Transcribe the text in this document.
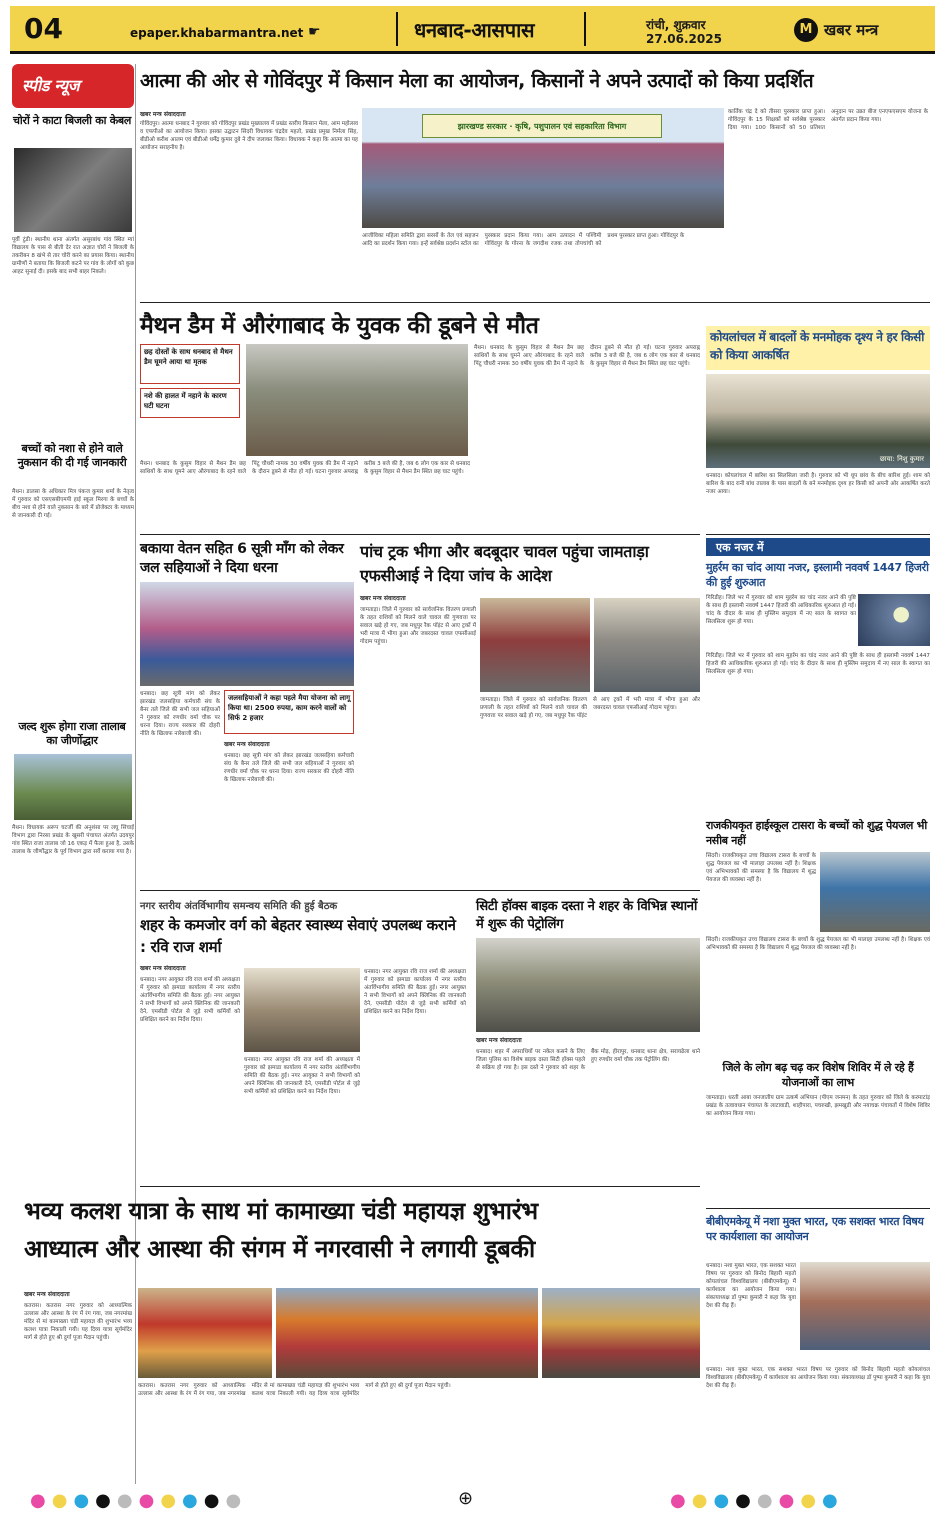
04	epaper.khabarmantra.net ☛	धनबाद-आसपास	रांची, शुक्रवार
27.06.2025
M खबर मन्त्र
स्पीड न्यूज
चोरों ने काटा बिजली का केबल
पूर्वी टुंडी। स्थानीय थाना अंतर्गत असुरबांध गांव स्थित म्यां विद्यालय के पास से बीती देर रात अज्ञात चोरों ने बिजली के तकरीबन 8 खंभे से तार चोरी करने का प्रयास किया। स्थानीय ग्रामीणों ने बताया कि बिजली कटने पर गांव के लोगों को कुछ आहट सुनाई दी। इसके बाद सभी बाहर निकले।
बच्चों को नशा से होने वाले नुकसान की दी गई जानकारी
मैथन। डालसा के अधिकार मित्र पंकज कुमार शर्मा के नेतृत्व में गुरुवार को एसएसबीएमपी हाई स्कूल मिरगा के बच्चों के बीच नशा से होने वाले नुकसान के बारे में प्रोजेक्टर के माध्यम से जानकारी दी गई।
जल्द शुरू होगा राजा तालाब का जीर्णोद्धार
मैथन। विधायक अरूप चटर्जी की अनुशंसा पर लघु सिंचाई विभाग द्वारा निरसा प्रखंड के खुसरी पंचायत अंतर्गत उदयपुर गांव स्थित राजा तालाब जो 16 एकड़ में फैला हुआ है, उसके तालाब के जीर्णोद्धार के पूर्व विभाग द्वारा सर्वे कराया गया है।
आत्मा की ओर से गोविंदपुर में किसान मेला का आयोजन, किसानों ने अपने उत्पादों को किया प्रदर्शित
खबर मन्त्र संवाददाता
गोविंदपुर। आत्मा धनबाद ने गुरुवार को गोविंदपुर प्रखंड मुख्यालय में प्रखंड स्तरीय किसान मेला, आम महोत्सव व एफपीओ का आयोजन किया। इसका उद्घाटन सिंदरी विधायक चंद्रदेव महतो, प्रखंड प्रमुख निर्मला सिंह, बीडीओ करीश आलम एवं बीडीओ धर्मेंद्र कुमार दुबे ने दीप जलाकर किया। विधायक ने कहा कि आत्मा का यह आयोजन सराहनीय है।
झारखण्ड सरकार · कृषि, पशुपालन एवं सहकारिता विभाग
आजीविका महिला समिति द्वारा सरसों के तेल एवं सहजन आदि का प्रदर्शन किया गया। इन्हें सर्वश्रेष्ठ प्रदर्शन स्टॉल का पुरस्कार प्रदान किया गया। आम उत्पादन में पश्चिमी गोविंदपुर के गोरना के जगदीश रजक तथा तोपचांची को प्रथम पुरस्कार प्राप्त हुआ। गोविंदपुर के
कार्तिक चंद्र दे को तीसरा पुरस्कार प्राप्त हुआ। गोविंदपुर के 15 शिक्षकों को सर्वश्रेष्ठ पुरस्कार दिया गया। 100 किसानों को 50 प्रतिशत अनुदान पर उन्नत बीज एनएफएसएम योजना के अंतर्गत प्रदान किया गया।
मैथन डैम में औरंगाबाद के युवक की डूबने से मौत
छह दोस्तों के साथ धनबाद से मैथन डैम घूमने आया था मृतक
नशे की हालत में नहाने के कारण घटी घटना
मैथन। धनबाद के कुसुम विहार से मैथन डैम छह साथियों के साथ घूमने आए औरंगाबाद के रहने वाले पिंटू चौधरी नामक 30 वर्षीय युवक की डैम में नहाने के दौरान डूबने से मौत हो गई। घटना गुरुवार अपराह्न करीब 3 बजे की है, जब 6 लोग एक कार से धनबाद के कुसुम विहार से मैथन डैम स्थित छह घाट पहुंचे।
मैथन। धनबाद के कुसुम विहार से मैथन डैम छह साथियों के साथ घूमने आए औरंगाबाद के रहने वाले पिंटू चौधरी नामक 30 वर्षीय युवक की डैम में नहाने के दौरान डूबने से मौत हो गई। घटना गुरुवार अपराह्न करीब 3 बजे की है, जब 6 लोग एक कार से धनबाद के कुसुम विहार से मैथन डैम स्थित छह घाट पहुंचे।
कोयलांचल में बादलों के मनमोहक दृश्य ने हर किसी को किया आकर्षित
छाया: निशु कुमार
धनबाद। कोयलांचल में बारिश का सिलसिला जारी है। गुरुवार को भी धूप छांव के बीच बारिश हुई। शाम को बारिश के बाद रानी बांध तालाब के पास बादलों के बने मनमोहक दृश्य हर किसी को अपनी ओर आकर्षित करते नजर आया।
बकाया वेतन सहित 6 सूत्री माँग को लेकर जल सहियाओं ने दिया धरना
धनबाद। छह सूत्री मांग को लेकर झारखंड जलसहिया कर्मचारी संघ के बैनर तले जिले की सभी जल सहियाओं ने गुरुवार को रणधीर वर्मा चौक पर धरना दिया। राज्य सरकार की दोहरी नीति के खिलाफ नारेबाजी की।
जलसहियाओं ने कहा पहले मैया योजना को लागू किया था। 2500 रुपया, काम करने वालों को सिर्फ 2 हजार
खबर मन्त्र संवाददाता
धनबाद। छह सूत्री मांग को लेकर झारखंड जलसहिया कर्मचारी संघ के बैनर तले जिले की सभी जल सहियाओं ने गुरुवार को रणधीर वर्मा चौक पर धरना दिया। राज्य सरकार की दोहरी नीति के खिलाफ नारेबाजी की।
पांच ट्रक भीगा और बदबूदार चावल पहुंचा जामताड़ा एफसीआई ने दिया जांच के आदेश
खबर मन्त्र संवाददाता
जामताड़ा। जिले में गुरुवार को सार्वजनिक वितरण प्रणाली के तहत राशियों को मिलने वाले चावल की गुणवत्ता पर सवाल खड़े हो गए, जब मधुपुर रैक पॉइंट से आए ट्रकों में भरी मात्रा में भीगा हुआ और जबरदस्त चावल एफसीआई गोदाम पहुंचा।
जामताड़ा। जिले में गुरुवार को सार्वजनिक वितरण प्रणाली के तहत राशियों को मिलने वाले चावल की गुणवत्ता पर सवाल खड़े हो गए, जब मधुपुर रैक पॉइंट से आए ट्रकों में भरी मात्रा में भीगा हुआ और जबरदस्त चावल एफसीआई गोदाम पहुंचा।
एक नजर में
मुहर्रम का चांद आया नजर, इस्लामी नववर्ष 1447 हिजरी की हुई शुरुआत
गिरिडीह। जिले भर में गुरुवार को शाम मुहर्रम का चांद नजर आने की पुष्टि के साथ ही इस्लामी नववर्ष 1447 हिजरी की आधिकारिक शुरुआत हो गई। चांद के दीदार के साथ ही मुस्लिम समुदाय में नए साल के स्वागत का सिलसिला शुरू हो गया।
गिरिडीह। जिले भर में गुरुवार को शाम मुहर्रम का चांद नजर आने की पुष्टि के साथ ही इस्लामी नववर्ष 1447 हिजरी की आधिकारिक शुरुआत हो गई। चांद के दीदार के साथ ही मुस्लिम समुदाय में नए साल के स्वागत का सिलसिला शुरू हो गया।
राजकीयकृत हाईस्कूल टासरा के बच्चों को शुद्ध पेयजल भी नसीब नहीं
सिंदरी। राजकीयकृत उच्च विद्यालय टासरा के बच्चों के शुद्ध पेयजल का भी मालाहा उपलब्ध नहीं है। शिक्षक एवं अभिभावकों की समस्या है कि विद्यालय में शुद्ध पेयजल की व्यवस्था नहीं है।
सिंदरी। राजकीयकृत उच्च विद्यालय टासरा के बच्चों के शुद्ध पेयजल का भी मालाहा उपलब्ध नहीं है। शिक्षक एवं अभिभावकों की समस्या है कि विद्यालय में शुद्ध पेयजल की व्यवस्था नहीं है।
जिले के लोग बढ़ चढ़ कर विशेष शिविर में ले रहे हैं योजनाओं का लाभ
जामताड़ा। धरती आबा जनजातीय ग्राम उत्कर्ष अभियान (पीएम जनमन) के तहत गुरुवार को जिले के करमाटांड़ प्रखंड के तत्वावधान पंचायत के लाटावाडी, शाहीपारा, पचरुखी, झमखुडी और नयाचक्र पंचायतों में विशेष शिविर का आयोजन किया गया।
नगर स्तरीय अंतर्विभागीय समन्वय समिति की हुई बैठक
शहर के कमजोर वर्ग को बेहतर स्वास्थ्य सेवाएं उपलब्ध कराने : रवि राज शर्मा
खबर मन्त्र संवाददाता
धनबाद। नगर आयुक्त रवि राज शर्मा की अध्यक्षता में गुरुवार को झमाडा कार्यालय में नगर स्तरीय अंतर्विभागीय समिति की बैठक हुई। नगर आयुक्त ने सभी विभागों को अपने क्लिनिक की जानकारी देने, एमसीडी पोर्टल से जुड़े सभी कर्मियों को प्रशिक्षित करने का निर्देश दिया।
धनबाद। नगर आयुक्त रवि राज शर्मा की अध्यक्षता में गुरुवार को झमाडा कार्यालय में नगर स्तरीय अंतर्विभागीय समिति की बैठक हुई। नगर आयुक्त ने सभी विभागों को अपने क्लिनिक की जानकारी देने, एमसीडी पोर्टल से जुड़े सभी कर्मियों को प्रशिक्षित करने का निर्देश दिया।
धनबाद। नगर आयुक्त रवि राज शर्मा की अध्यक्षता में गुरुवार को झमाडा कार्यालय में नगर स्तरीय अंतर्विभागीय समिति की बैठक हुई। नगर आयुक्त ने सभी विभागों को अपने क्लिनिक की जानकारी देने, एमसीडी पोर्टल से जुड़े सभी कर्मियों को प्रशिक्षित करने का निर्देश दिया।
सिटी हॉक्स बाइक दस्ता ने शहर के विभिन्न स्थानों में शुरू की पेट्रोलिंग
खबर मन्त्र संवाददाता
धनबाद। शहर में अपराधियों पर नकेल कसने के लिए जिला पुलिस का विशेष बाइक दस्ता सिटी हॉक्स पहले से सक्रिय हो गया है। इस दस्ते ने गुरुवार को शहर के बैंक मोड़, हीरापुर, धनबाद थाना क्षेत्र, सरायढेला थाने हुए रणधीर वर्मा चौक तक पेट्रोलिंग की।
भव्य कलश यात्रा के साथ मां कामाख्या चंडी महायज्ञ शुभारंभ
आध्यात्म और आस्था की संगम में नगरवासी ने लगायी डूबकी
खबर मन्त्र संवाददाता
कतरास। कतरास नगर गुरुवार को आध्यात्मिक उल्लास और आस्था के रंग में रंग गया, जब नगरमांख मंदिर से मां कामाख्या चंडी महायज्ञ की शुभारंभ भव्य कलश यात्रा निकाली गयी। यह दिव्य यात्रा सूर्यमंदिर मार्ग से होते हुए श्री दुर्गा पूजा मैदान पहुंची।
कतरास। कतरास नगर गुरुवार को आध्यात्मिक उल्लास और आस्था के रंग में रंग गया, जब नगरमांख मंदिर से मां कामाख्या चंडी महायज्ञ की शुभारंभ भव्य कलश यात्रा निकाली गयी। यह दिव्य यात्रा सूर्यमंदिर मार्ग से होते हुए श्री दुर्गा पूजा मैदान पहुंची।
बीबीएमकेयू में नशा मुक्त भारत, एक सशक्त भारत विषय पर कार्यशाला का आयोजन
धनबाद। नशा मुक्त भारत, एक सशक्त भारत विषय पर गुरुवार को बिनोद बिहारी महतो कोयलांचल विश्वविद्यालय (बीबीएमकेयू) में कार्यशाला का आयोजन किया गया। संकायाध्यक्ष डॉ पुष्पा कुमारी ने कहा कि युवा देश की रीढ़ हैं।
धनबाद। नशा मुक्त भारत, एक सशक्त भारत विषय पर गुरुवार को बिनोद बिहारी महतो कोयलांचल विश्वविद्यालय (बीबीएमकेयू) में कार्यशाला का आयोजन किया गया। संकायाध्यक्ष डॉ पुष्पा कुमारी ने कहा कि युवा देश की रीढ़ हैं।
●●●●●●●●●●	⊕	●●●●●●●●
